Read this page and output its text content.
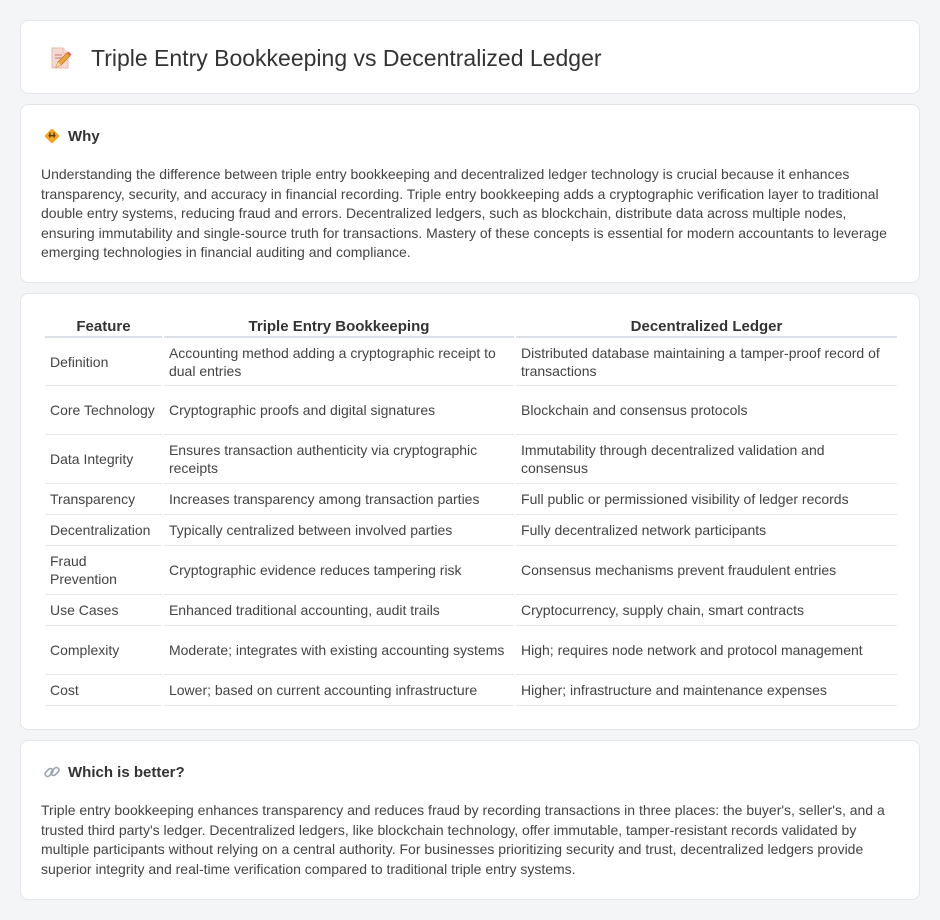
Triple Entry Bookkeeping vs Decentralized Ledger
Why

Understanding the difference between triple entry bookkeeping and decentralized ledger technology is crucial because it enhances transparency, security, and accuracy in financial recording. Triple entry bookkeeping adds a cryptographic verification layer to traditional double entry systems, reducing fraud and errors. Decentralized ledgers, such as blockchain, distribute data across multiple nodes, ensuring immutability and single-source truth for transactions. Mastery of these concepts is essential for modern accountants to leverage emerging technologies in financial auditing and compliance.

Feature	Triple Entry Bookkeeping	Decentralized Ledger
Definition	Accounting method adding a cryptographic receipt to dual entries	Distributed database maintaining a tamper-proof record of transactions
Core Technology	Cryptographic proofs and digital signatures	Blockchain and consensus protocols
Data Integrity	Ensures transaction authenticity via cryptographic receipts	Immutability through decentralized validation and consensus
Transparency	Increases transparency among transaction parties	Full public or permissioned visibility of ledger records
Decentralization	Typically centralized between involved parties	Fully decentralized network participants
Fraud Prevention	Cryptographic evidence reduces tampering risk	Consensus mechanisms prevent fraudulent entries
Use Cases	Enhanced traditional accounting, audit trails	Cryptocurrency, supply chain, smart contracts
Complexity	Moderate; integrates with existing accounting systems	High; requires node network and protocol management
Cost	Lower; based on current accounting infrastructure	Higher; infrastructure and maintenance expenses
Which is better?

Triple entry bookkeeping enhances transparency and reduces fraud by recording transactions in three places: the buyer's, seller's, and a trusted third party's ledger. Decentralized ledgers, like blockchain technology, offer immutable, tamper-resistant records validated by multiple participants without relying on a central authority. For businesses prioritizing security and trust, decentralized ledgers provide superior integrity and real-time verification compared to traditional triple entry systems.
